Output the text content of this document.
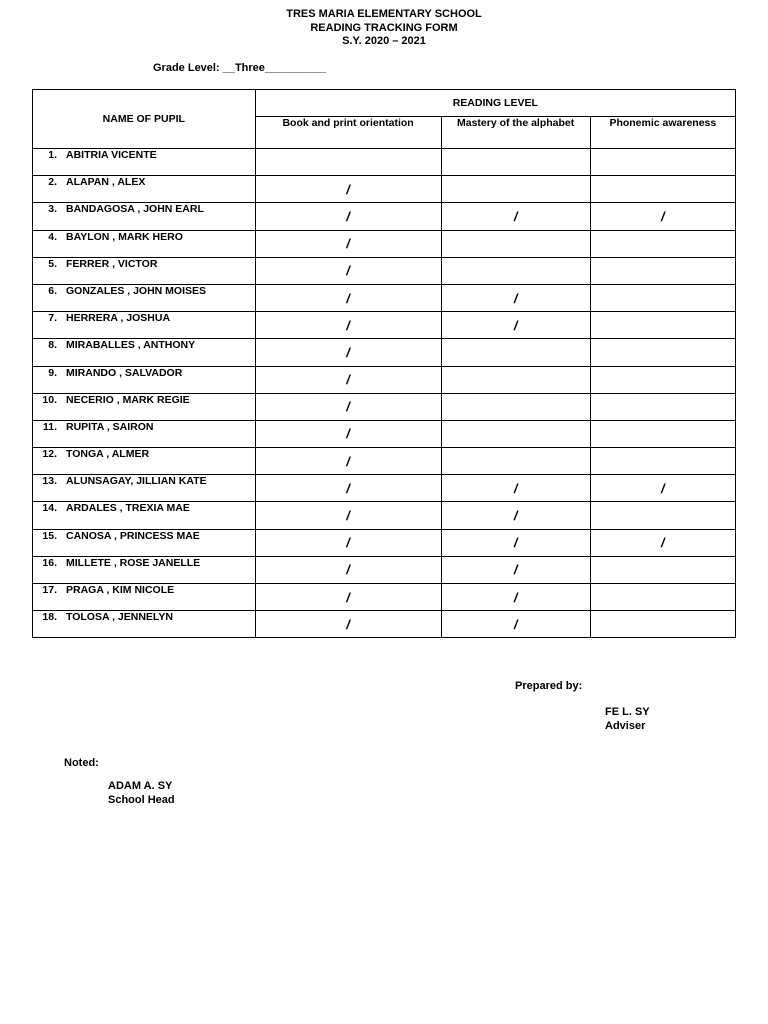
TRES MARIA ELEMENTARY SCHOOL
READING TRACKING FORM
S.Y. 2020 – 2021
Grade Level: __Three__________
NAME OF PUPIL	READING LEVEL		
	Book and print orientation	Mastery of the alphabet	Phonemic awareness
1. ABITRIA VICENTE			
2. ALAPAN , ALEX	/		
3. BANDAGOSA , JOHN EARL	/	/	/
4. BAYLON , MARK HERO	/		
5. FERRER , VICTOR	/		
6. GONZALES , JOHN MOISES	/	/	
7. HERRERA , JOSHUA	/	/	
8. MIRABALLES , ANTHONY	/		
9. MIRANDO , SALVADOR	/		
10. NECERIO , MARK REGIE	/		
11. RUPITA , SAIRON	/		
12. TONGA , ALMER	/		
13. ALUNSAGAY, JILLIAN KATE	/	/	/
14. ARDALES , TREXIA MAE	/	/	
15. CANOSA , PRINCESS MAE	/	/	/
16. MILLETE , ROSE JANELLE	/	/	
17. PRAGA , KIM NICOLE	/	/	
18. TOLOSA , JENNELYN	/	/	
Prepared by:
FE L. SY
Adviser
Noted:
ADAM A. SY
School Head
